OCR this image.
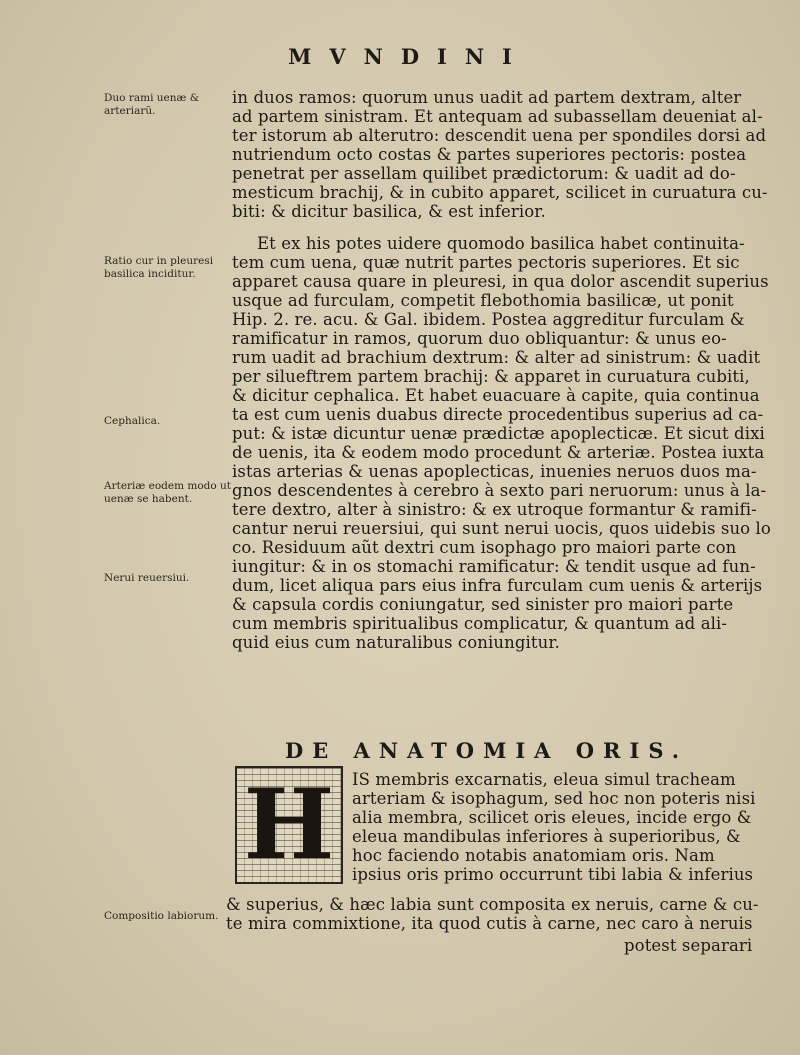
MVNDINI
Duo rami uenæ & arteriarũ.
Ratio cur in pleuresi basilica inciditur.
Cephalica.
Arteriæ eodem modo ut uenæ se habent.
Nerui reuersiui.
Compositio labiorum.
in duos ramos: quorum unus uadit ad partem dextram, alter
ad partem sinistram. Et antequam ad subassellam deueniat al-
ter istorum ab alterutro: descendit uena per spondiles dorsi ad
nutriendum octo costas & partes superiores pectoris: postea
penetrat per assellam quilibet prædictorum: & uadit ad do-
mesticum brachij, & in cubito apparet, scilicet in curuatura cu-
biti: & dicitur basilica, & est inferior.
Et ex his potes uidere quomodo basilica habet continuita-
tem cum uena, quæ nutrit partes pectoris superiores. Et sic
apparet causa quare in pleuresi, in qua dolor ascendit superius
usque ad furculam, competit flebothomia basilicæ, ut ponit
Hip. 2. re. acu. & Gal. ibidem. Postea aggreditur furculam &
ramificatur in ramos, quorum duo obliquantur: & unus eo-
rum uadit ad brachium dextrum: & alter ad sinistrum: & uadit
per silueftrem partem brachij: & apparet in curuatura cubiti,
& dicitur cephalica. Et habet euacuare à capite, quia continua
ta est cum uenis duabus directe procedentibus superius ad ca-
put: & istæ dicuntur uenæ prædictæ apoplecticæ. Et sicut dixi
de uenis, ita & eodem modo procedunt & arteriæ. Postea iuxta
istas arterias & uenas apoplecticas, inuenies neruos duos ma-
gnos descendentes à cerebro à sexto pari neruorum: unus à la-
tere dextro, alter à sinistro: & ex utroque formantur & ramifi-
cantur nerui reuersiui, qui sunt nerui uocis, quos uidebis suo lo
co. Residuum aũt dextri cum isophago pro maiori parte con
iungitur: & in os stomachi ramificatur: & tendit usque ad fun-
dum, licet aliqua pars eius infra furculam cum uenis & arterijs
& capsula cordis coniungatur, sed sinister pro maiori parte
cum membris spiritualibus complicatur, & quantum ad ali-
quid eius cum naturalibus coniungitur.
DE ANATOMIA ORIS.
H	IS membris excarnatis, eleua simul tracheam
arteriam & isophagum, sed hoc non poteris nisi
alia membra, scilicet oris eleues, incide ergo &
eleua mandibulas inferiores à superioribus, &
hoc faciendo notabis anatomiam oris. Nam
ipsius oris primo occurrunt tibi labia & inferius
& superius, & hæc labia sunt composita ex neruis, carne & cu-
te mira commixtione, ita quod cutis à carne, nec caro à neruis
potest separari
